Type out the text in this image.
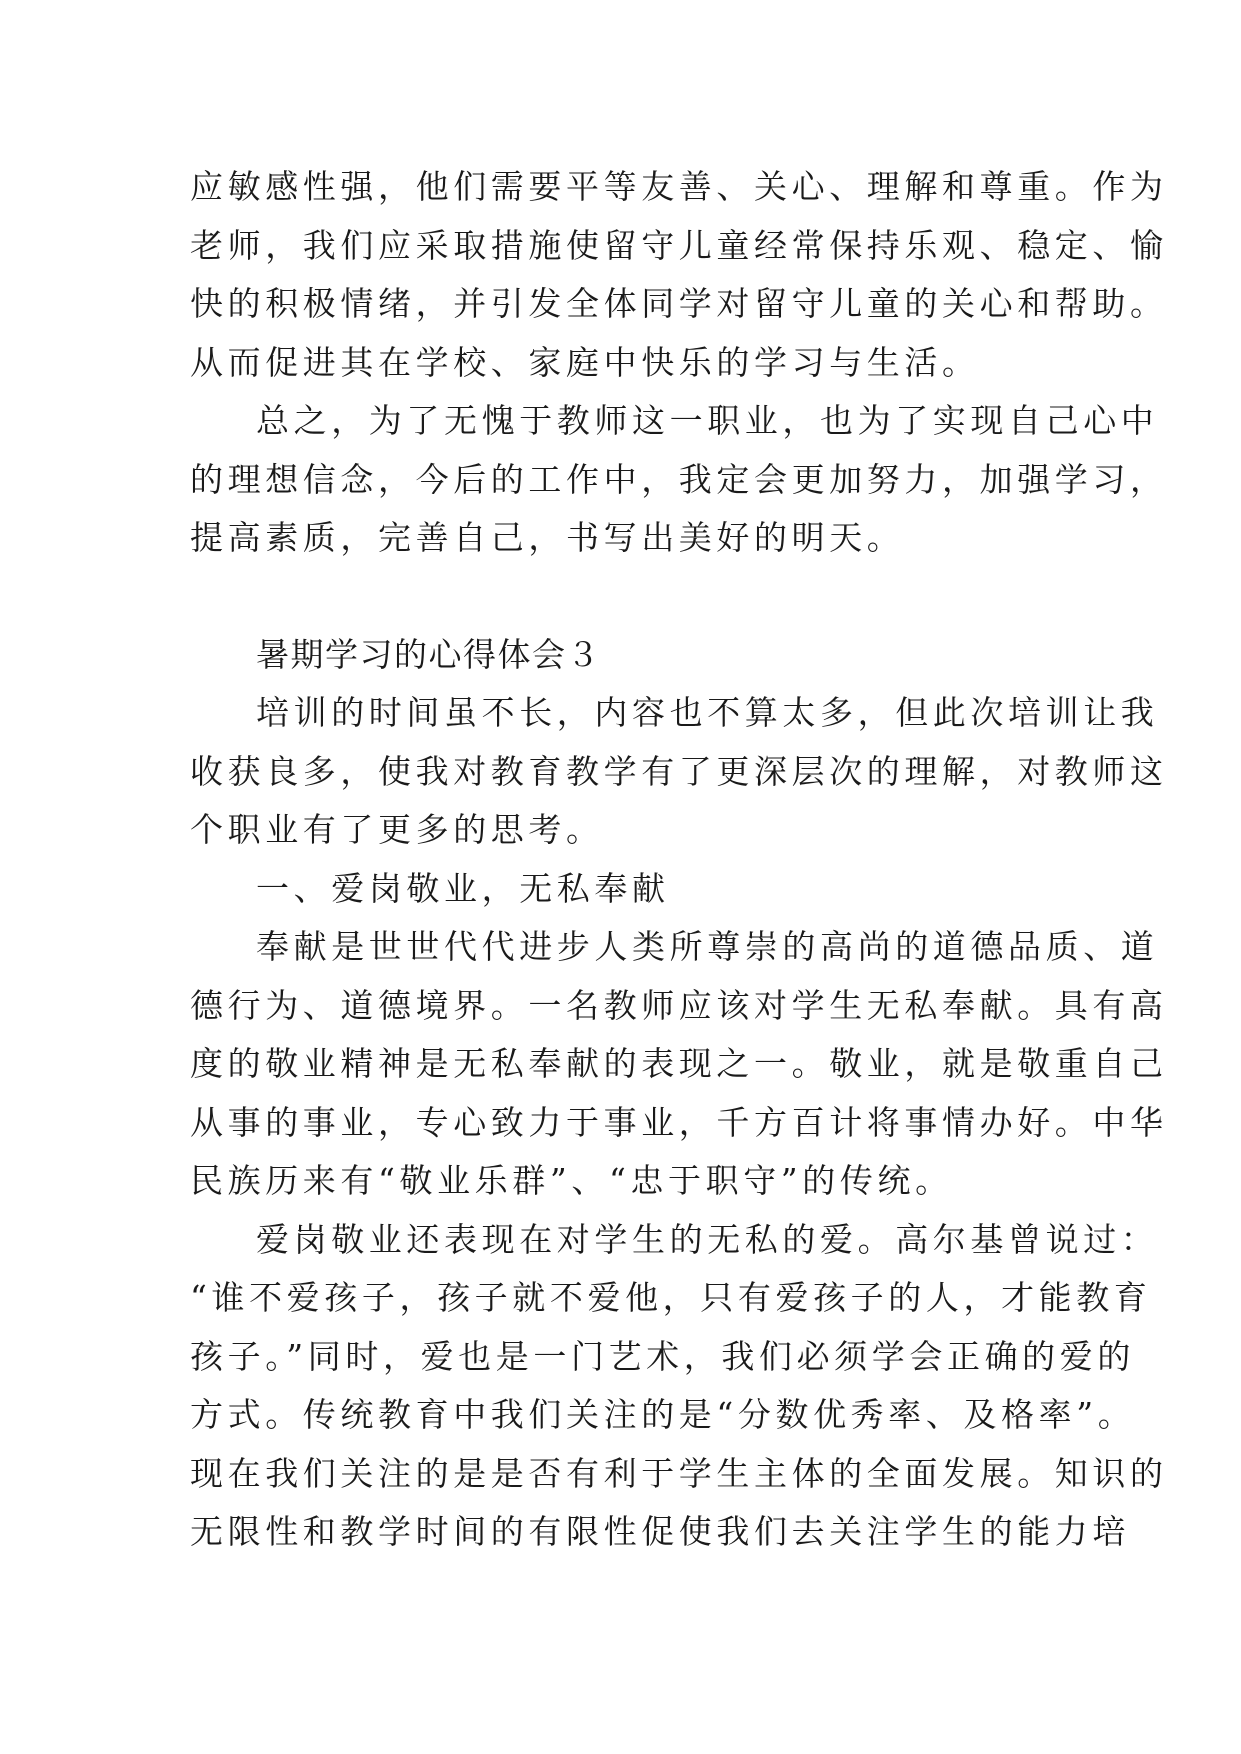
应敏感性强，他们需要平等友善、关心、理解和尊重。作为
老师，我们应采取措施使留守儿童经常保持乐观、稳定、愉
快的积极情绪，并引发全体同学对留守儿童的关心和帮助。
从而促进其在学校、家庭中快乐的学习与生活。
总之，为了无愧于教师这一职业，也为了实现自己心中
的理想信念，今后的工作中，我定会更加努力，加强学习，
提高素质，完善自己，书写出美好的明天。
暑期学习的心得体会３
培训的时间虽不长，内容也不算太多，但此次培训让我
收获良多，使我对教育教学有了更深层次的理解，对教师这
个职业有了更多的思考。
一、爱岗敬业，无私奉献
奉献是世世代代进步人类所尊崇的高尚的道德品质、道
德行为、道德境界。一名教师应该对学生无私奉献。具有高
度的敬业精神是无私奉献的表现之一。敬业，就是敬重自己
从事的事业，专心致力于事业，千方百计将事情办好。中华
民族历来有“敬业乐群”、“忠于职守”的传统。
爱岗敬业还表现在对学生的无私的爱。高尔基曾说过：
“谁不爱孩子，孩子就不爱他，只有爱孩子的人，才能教育
孩子。”同时，爱也是一门艺术，我们必须学会正确的爱的
方式。传统教育中我们关注的是“分数优秀率、及格率”。
现在我们关注的是是否有利于学生主体的全面发展。知识的
无限性和教学时间的有限性促使我们去关注学生的能力培
